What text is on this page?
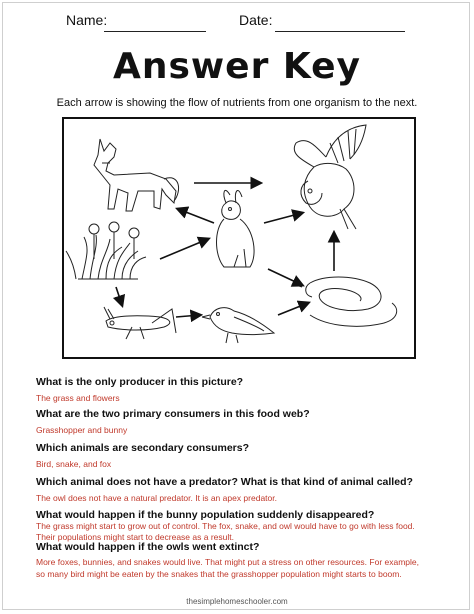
Name:	Date:
Answer Key
Each arrow is showing the flow of nutrients from one organism to the next.
What is the only producer in this picture?
The grass and flowers
What are the two primary consumers in this food web?
Grasshopper and bunny
Which animals are secondary consumers?
Bird, snake, and fox
Which animal does not have a predator? What is that kind of animal called?
The owl does not have a natural predator. It is an apex predator.
What would happen if the bunny population suddenly disappeared?
The grass might start to grow out of control. The fox, snake, and owl would have to go with less food.
Their populations might start to decrease as a result.
What would happen if the owls went extinct?
More foxes, bunnies, and snakes would live. That might put a stress on other resources. For example,
so many bird might be eaten by the snakes that the grasshopper population might starts to boom.
thesimplehomeschooler.com
